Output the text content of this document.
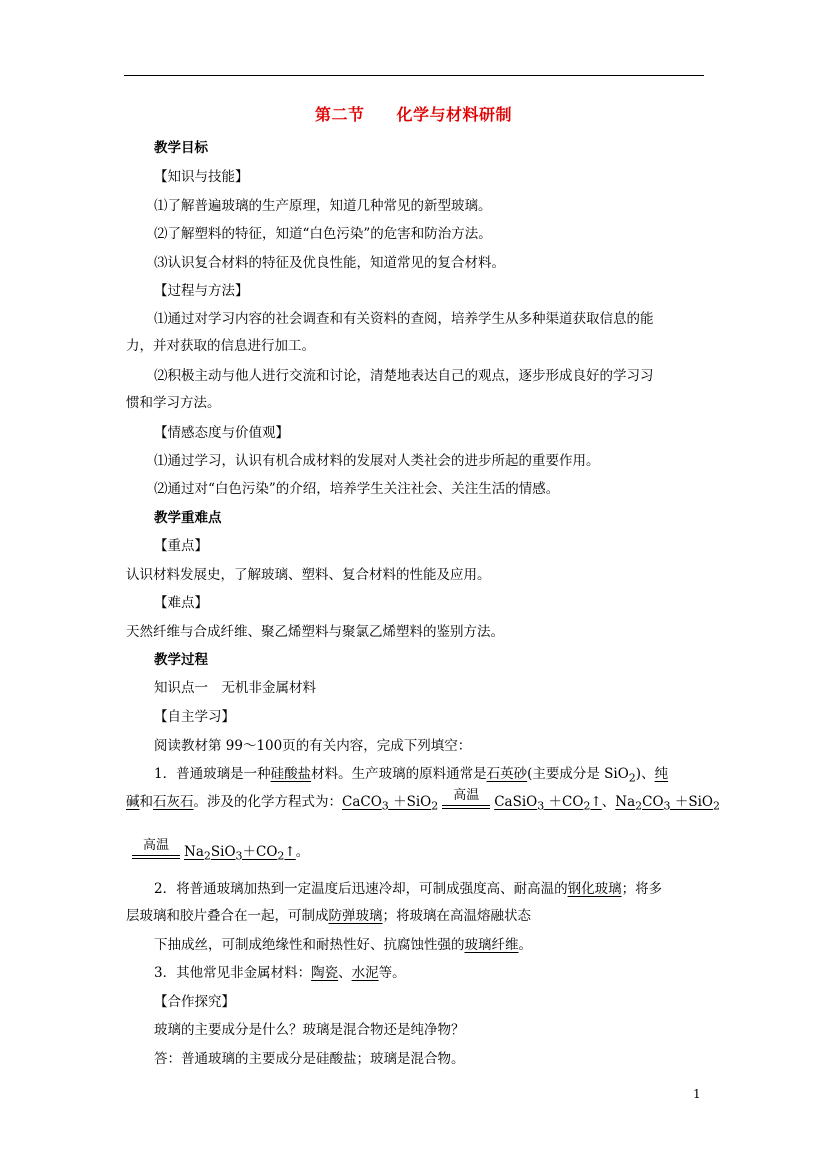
第二节 化学与材料研制
教学目标
【知识与技能】
⑴了解普遍玻璃的生产原理，知道几种常见的新型玻璃。
⑵了解塑料的特征，知道“白色污染”的危害和防治方法。
⑶认识复合材料的特征及优良性能，知道常见的复合材料。
【过程与方法】
⑴通过对学习内容的社会调查和有关资料的查阅，培养学生从多种渠道获取信息的能
力，并对获取的信息进行加工。
⑵积极主动与他人进行交流和讨论，清楚地表达自己的观点，逐步形成良好的学习习
惯和学习方法。
【情感态度与价值观】
⑴通过学习，认识有机合成材料的发展对人类社会的进步所起的重要作用。
⑵通过对“白色污染”的介绍，培养学生关注社会、关注生活的情感。
教学重难点
【重点】
认识材料发展史，了解玻璃、塑料、复合材料的性能及应用。
【难点】
天然纤维与合成纤维、聚乙烯塑料与聚氯乙烯塑料的鉴别方法。
教学过程
知识点一　无机非金属材料
【自主学习】
阅读教材第 99～100页的有关内容，完成下列填空：
1．普通玻璃是一种硅酸盐材料。生产玻璃的原料通常是石英砂(主要成分是 SiO$_2$)、纯
碱和石灰石。涉及的化学方程式为：CaCO$_3$ ＋SiO$_2$
高温	CaSiO$_3$ $+CO_2↑$、$Na_2CO_3 +SiO_2$
高温	$Na_2SiO_3+CO_2↑$。
2．将普通玻璃加热到一定温度后迅速冷却，可制成强度高、耐高温的钢化玻璃；将多
层玻璃和胶片叠合在一起，可制成防弹玻璃；将玻璃在高温熔融状态
下抽成丝，可制成绝缘性和耐热性好、抗腐蚀性强的玻璃纤维。
3．其他常见非金属材料：陶瓷、水泥等。
【合作探究】
玻璃的主要成分是什么？玻璃是混合物还是纯净物？
答：普通玻璃的主要成分是硅酸盐；玻璃是混合物。
1
